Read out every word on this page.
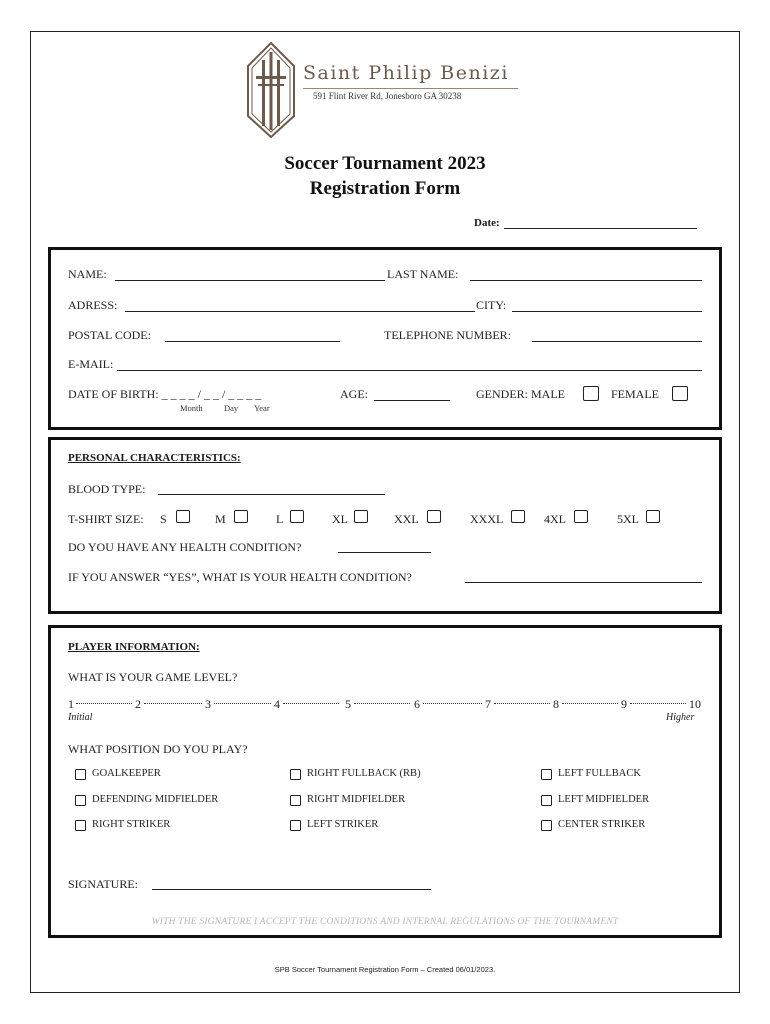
Saint Philip Benizi
591 Flint River Rd, Jonesboro GA 30238
Soccer Tournament 2023
Registration Form
Date:
NAME:	LAST NAME:
ADRESS:	CITY:
POSTAL CODE:	TELEPHONE NUMBER:
E-MAIL:
DATE OF BIRTH: _ _ _ _ / _ _ / _ _ _ _
Month	Day Year
AGE:	GENDER: MALE	FEMALE
PERSONAL CHARACTERISTICS:
BLOOD TYPE:
T-SHIRT SIZE: S	M	L	XL	XXL	XXXL	4XL	5XL
DO YOU HAVE ANY HEALTH CONDITION?
IF YOU ANSWER “YES”, WHAT IS YOUR HEALTH CONDITION?
PLAYER INFORMATION:
WHAT IS YOUR GAME LEVEL?
1	2	3	4	5	6	7	8	9	10
Initial	Higher
WHAT POSITION DO YOU PLAY?
GOALKEEPER	RIGHT FULLBACK (RB)	LEFT FULLBACK
DEFENDING MIDFIELDER	RIGHT MIDFIELDER	LEFT MIDFIELDER
RIGHT STRIKER	LEFT STRIKER	CENTER STRIKER
SIGNATURE:
WITH THE SIGNATURE I ACCEPT THE CONDITIONS AND INTERNAL REGULATIONS OF THE TOURNAMENT
SPB Soccer Tournament Registration Form – Created 06/01/2023.
